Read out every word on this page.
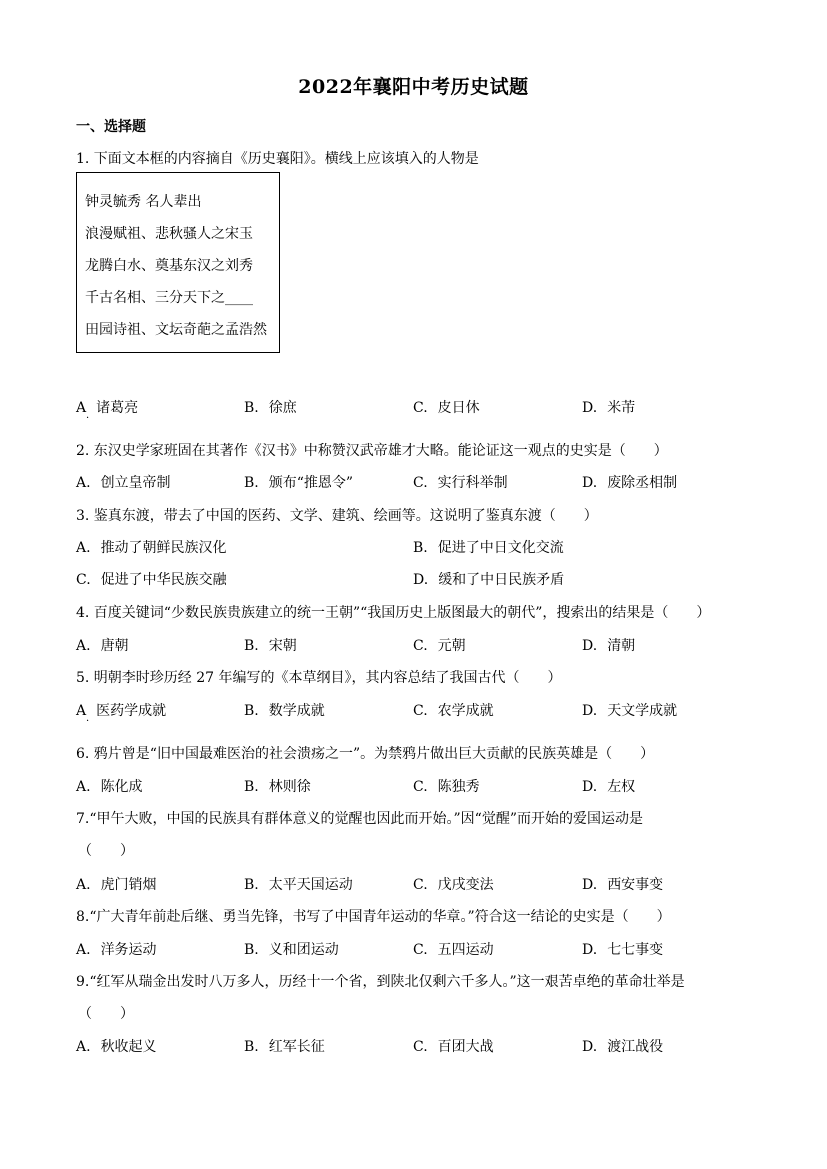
2022年襄阳中考历史试题
一、选择题
1. 下面文本框的内容摘自《历史襄阳》。横线上应该填入的人物是
钟灵毓秀 名人辈出
浪漫赋祖、悲秋骚人之宋玉
龙腾白水、奠基东汉之刘秀
千古名相、三分天下之____
田园诗祖、文坛奇葩之孟浩然
A 诸葛亮
·
B. 徐庶	C. 皮日休	D. 米芾
2. 东汉史学家班固在其著作《汉书》中称赞汉武帝雄才大略。能论证这一观点的史实是（　　）
A. 创立皇帝制	B. 颁布“推恩令”	C. 实行科举制	D. 废除丞相制
3. 鉴真东渡，带去了中国的医药、文学、建筑、绘画等。这说明了鉴真东渡（　　）
A. 推动了朝鲜民族汉化	B. 促进了中日文化交流
C. 促进了中华民族交融	D. 缓和了中日民族矛盾
4. 百度关键词“少数民族贵族建立的统一王朝”“我国历史上版图最大的朝代”，搜索出的结果是（　　）
A. 唐朝	B. 宋朝	C. 元朝	D. 清朝
5. 明朝李时珍历经 27 年编写的《本草纲目》，其内容总结了我国古代（　　）
A 医药学成就
·
B. 数学成就	C. 农学成就	D. 天文学成就
6. 鸦片曾是“旧中国最难医治的社会溃疡之一”。为禁鸦片做出巨大贡献的民族英雄是（　　）
A. 陈化成	B. 林则徐	C. 陈独秀	D. 左权
7.“甲午大败，中国的民族具有群体意义的觉醒也因此而开始。”因“觉醒”而开始的爱国运动是
（　　）
A. 虎门销烟	B. 太平天国运动	C. 戊戌变法	D. 西安事变
8.“广大青年前赴后继、勇当先锋，书写了中国青年运动的华章。”符合这一结论的史实是（　　）
A. 洋务运动	B. 义和团运动	C. 五四运动	D. 七七事变
9.“红军从瑞金出发时八万多人，历经十一个省，到陕北仅剩六千多人。”这一艰苦卓绝的革命壮举是
（　　）
A. 秋收起义	B. 红军长征	C. 百团大战	D. 渡江战役
